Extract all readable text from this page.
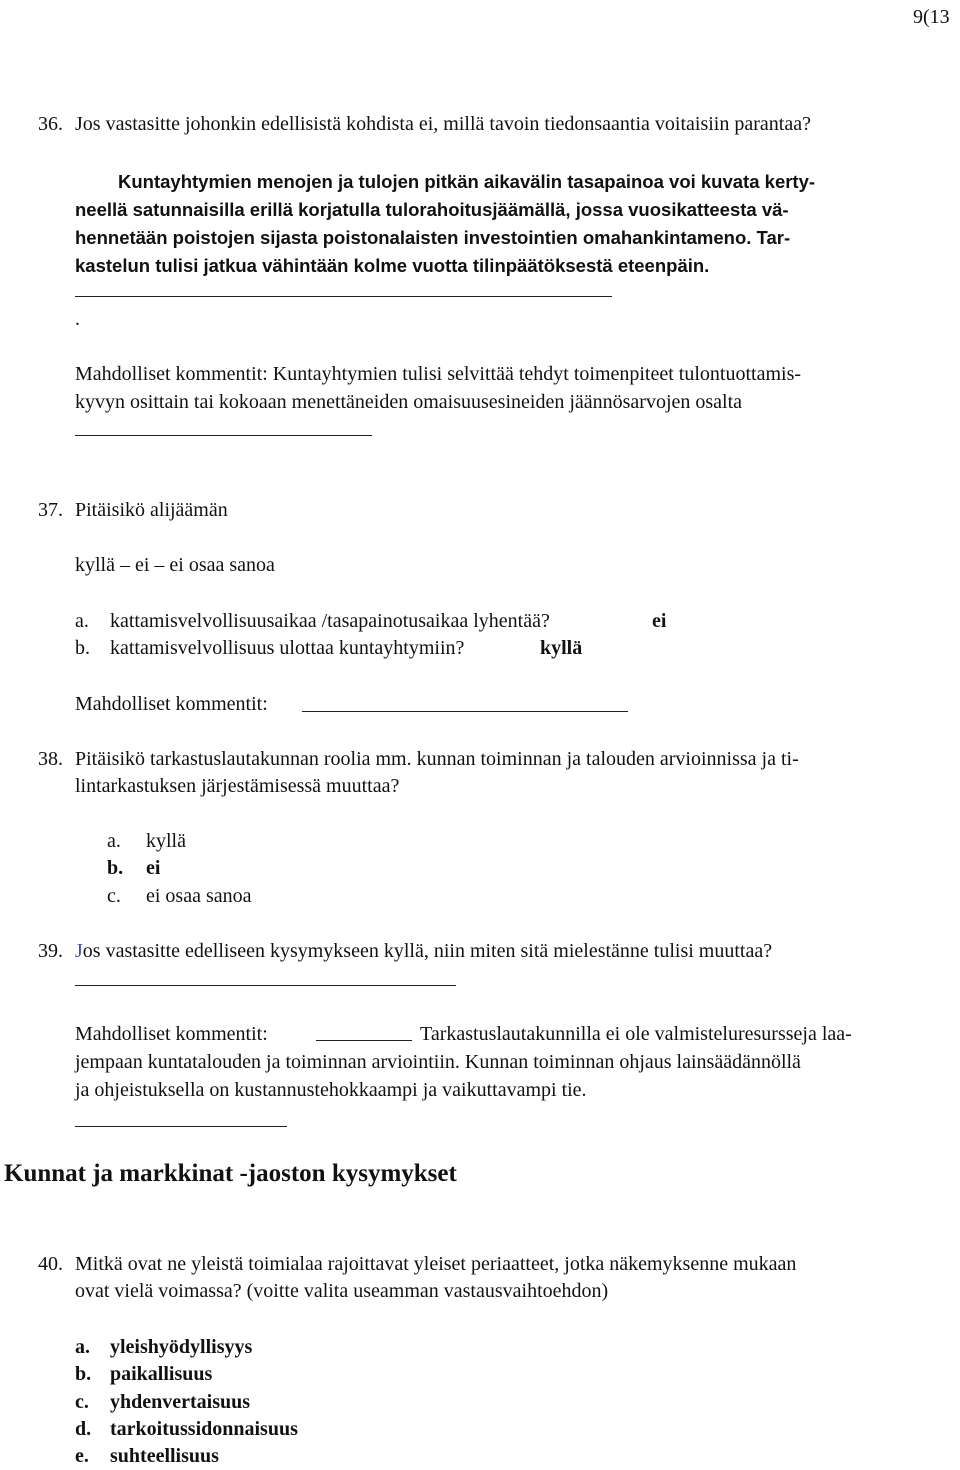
9(13
36. Jos vastasitte johonkin edellisistä kohdista ei, millä tavoin tiedonsaantia voitaisiin parantaa?
Kuntayhtymien menojen ja tulojen pitkän aikavälin tasapainoa voi kuvata kerty-
neellä satunnaisilla erillä korjatulla tulorahoitusjäämällä, jossa vuosikatteesta vä-
hennetään poistojen sijasta poistonalaisten investointien omahankintameno. Tar-
kastelun tulisi jatkua vähintään kolme vuotta tilinpäätöksestä eteenpäin.
.
Mahdolliset kommentit: Kuntayhtymien tulisi selvittää tehdyt toimenpiteet tulontuottamis-
kyvyn osittain tai kokoaan menettäneiden omaisuusesineiden jäännösarvojen osalta
37. Pitäisikö alijäämän
kyllä – ei – ei osaa sanoa
a. kattamisvelvollisuusaikaa /tasapainotusaikaa lyhentää?	ei
b. kattamisvelvollisuus ulottaa kuntayhtymiin?	kyllä
Mahdolliset kommentit:
38. Pitäisikö tarkastuslautakunnan roolia mm. kunnan toiminnan ja talouden arvioinnissa ja ti-
lintarkastuksen järjestämisessä muuttaa?
a. kyllä
b. ei
c. ei osaa sanoa
39. Jos vastasitte edelliseen kysymykseen kyllä, niin miten sitä mielestänne tulisi muuttaa?
Mahdolliset kommentit:	Tarkastuslautakunnilla ei ole valmisteluresursseja laa-
jempaan kuntatalouden ja toiminnan arviointiin. Kunnan toiminnan ohjaus lainsäädännöllä
ja ohjeistuksella on kustannustehokkaampi ja vaikuttavampi tie.
Kunnat ja markkinat -jaoston kysymykset
40. Mitkä ovat ne yleistä toimialaa rajoittavat yleiset periaatteet, jotka näkemyksenne mukaan
ovat vielä voimassa? (voitte valita useamman vastausvaihtoehdon)
a. yleishyödyllisyys
b. paikallisuus
c. yhdenvertaisuus
d. tarkoitussidonnaisuus
e. suhteellisuus
